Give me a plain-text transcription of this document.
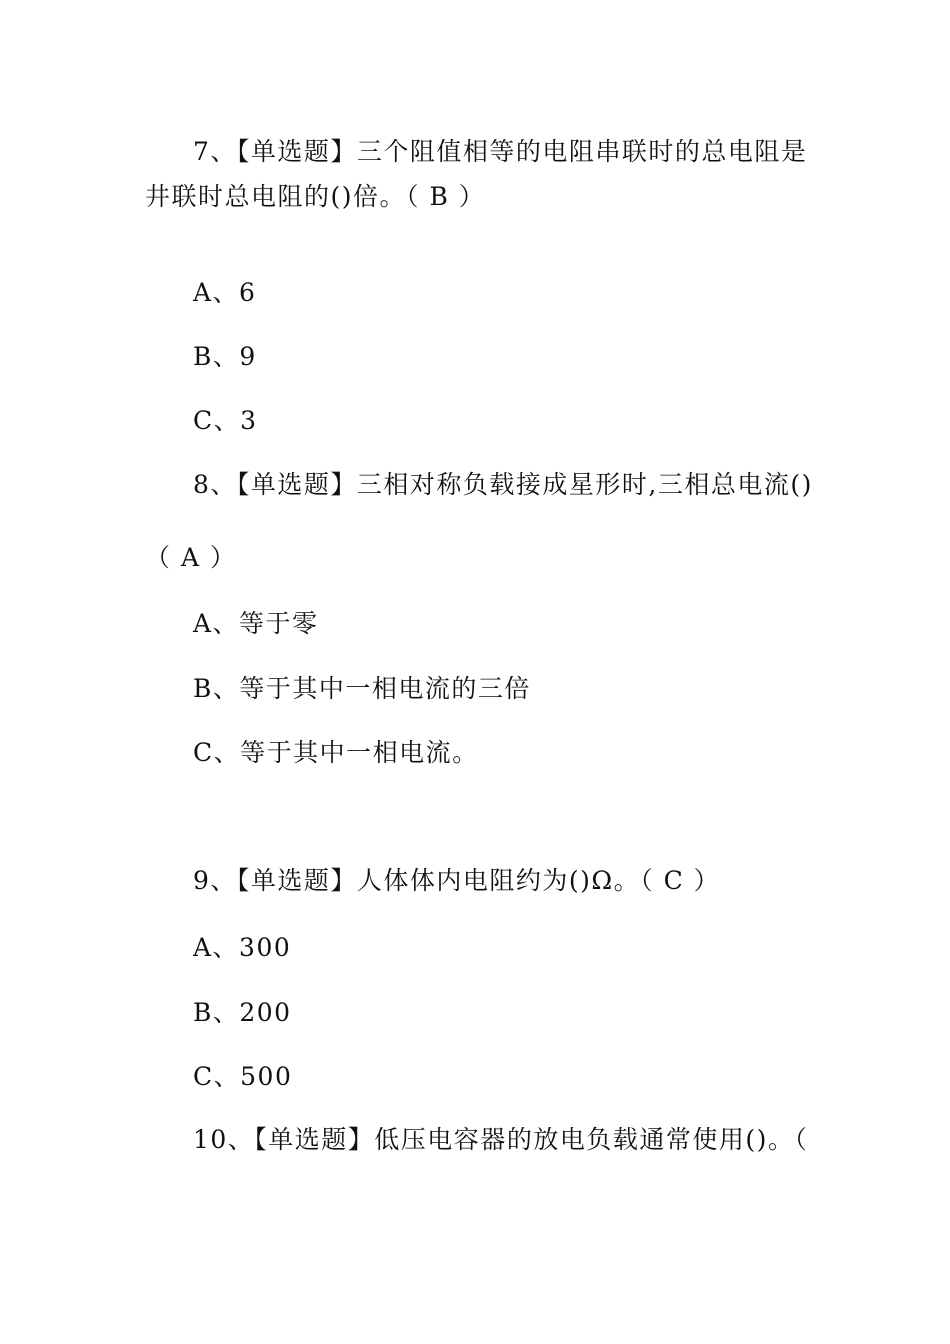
7、【单选题】三个阻值相等的电阻串联时的总电阻是
井联时总电阻的()倍。（ B ）
A、6
B、9
C、3
8、【单选题】三相对称负载接成星形时,三相总电流()
（ A ）
A、等于零
B、等于其中一相电流的三倍
C、等于其中一相电流。
9、【单选题】人体体内电阻约为()Ω。（ C ）
A、300
B、200
C、500
10、【单选题】低压电容器的放电负载通常使用()。（
